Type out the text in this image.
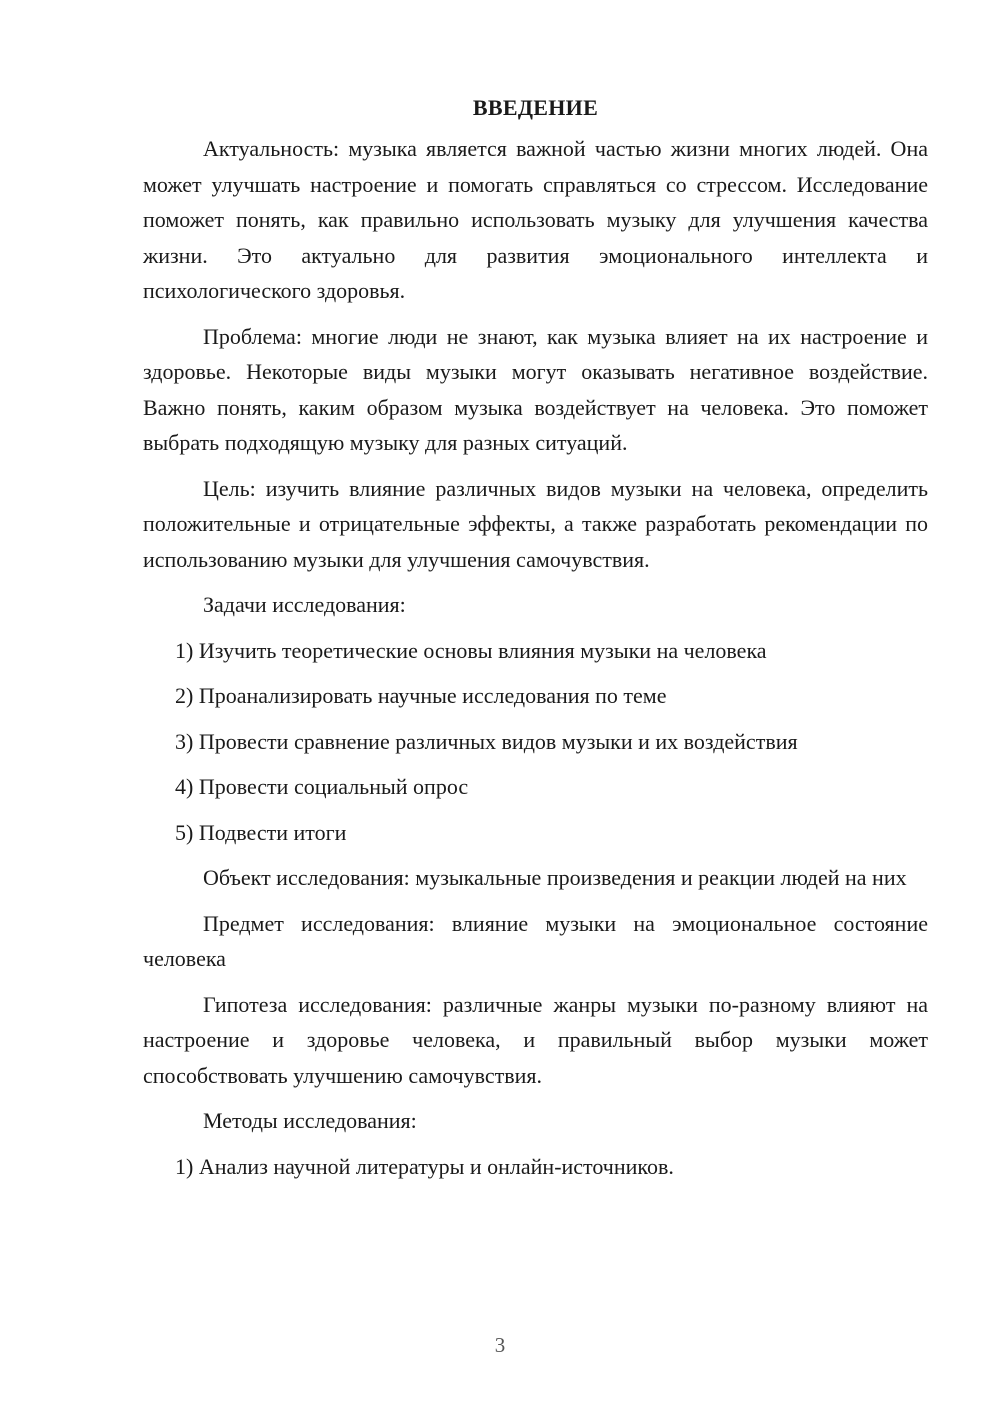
ВВЕДЕНИЕ

Актуальность: музыка является важной частью жизни многих людей. Она может улучшать настроение и помогать справляться со стрессом. Исследование поможет понять, как правильно использовать музыку для улучшения качества жизни. Это актуально для развития эмоционального интеллекта и психологического здоровья.

Проблема: многие люди не знают, как музыка влияет на их настроение и здоровье. Некоторые виды музыки могут оказывать негативное воздействие. Важно понять, каким образом музыка воздействует на человека. Это поможет выбрать подходящую музыку для разных ситуаций.

Цель: изучить влияние различных видов музыки на человека, определить положительные и отрицательные эффекты, а также разработать рекомендации по использованию музыки для улучшения самочувствия.

Задачи исследования:

1) Изучить теоретические основы влияния музыки на человека

2) Проанализировать научные исследования по теме

3) Провести сравнение различных видов музыки и их воздействия

4) Провести социальный опрос

5) Подвести итоги

Объект исследования: музыкальные произведения и реакции людей на них

Предмет исследования: влияние музыки на эмоциональное состояние человека

Гипотеза исследования: различные жанры музыки по-разному влияют на настроение и здоровье человека, и правильный выбор музыки может способствовать улучшению самочувствия.

Методы исследования:

1) Анализ научной литературы и онлайн-источников.

3
